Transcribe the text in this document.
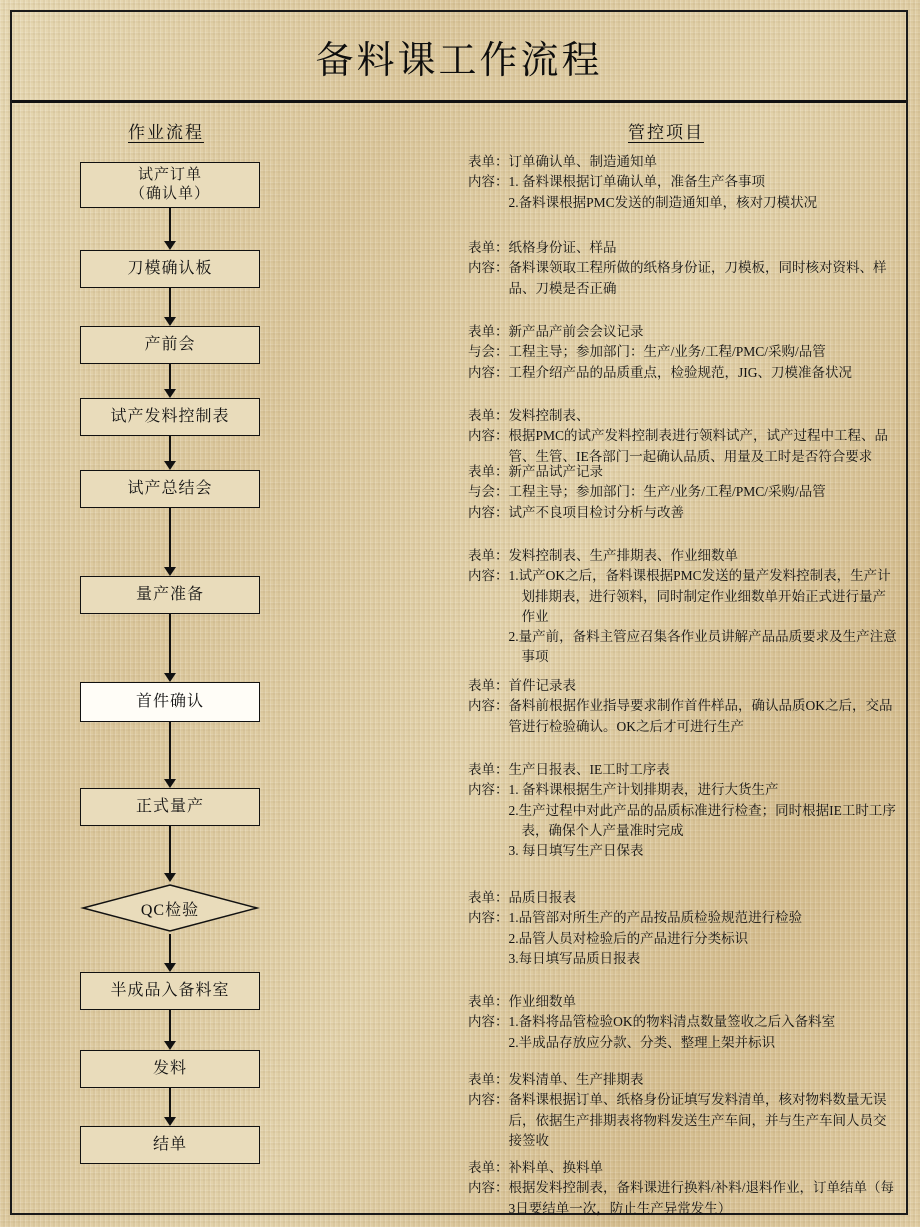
备料课工作流程
作业流程	管控项目
试产订单
（确认单）
刀模确认板
产前会
试产发料控制表
试产总结会
量产准备
首件确认
正式量产
QC检验
半成品入备料室
发料
结单
表单： 订单确认单、制造通知单
内容： 1. 备料课根据订单确认单，准备生产各事项
2.备料课根据PMC发送的制造通知单，核对刀模状况
表单： 纸格身份证、样品
内容： 备料课领取工程所做的纸格身份证，刀模板，同时核对资料、样品、刀模是否正确
表单： 新产品产前会会议记录
与会： 工程主导；参加部门：生产/业务/工程/PMC/采购/品管
内容： 工程介绍产品的品质重点，检验规范，JIG、刀模准备状况
表单： 发料控制表、
内容： 根据PMC的试产发料控制表进行领料试产，试产过程中工程、品管、生管、IE各部门一起确认品质、用量及工时是否符合要求
表单： 新产品试产记录
与会： 工程主导；参加部门：生产/业务/工程/PMC/采购/品管
内容： 试产不良项目检讨分析与改善
表单： 发料控制表、生产排期表、作业细数单
内容： 1.试产OK之后，备料课根据PMC发送的量产发料控制表，生产计划排期表，进行领料，同时制定作业细数单开始正式进行量产作业
2.量产前，备料主管应召集各作业员讲解产品品质要求及生产注意事项
表单： 首件记录表
内容： 备料前根据作业指导要求制作首件样品，确认品质OK之后，交品管进行检验确认。OK之后才可进行生产
表单： 生产日报表、IE工时工序表
内容： 1. 备料课根据生产计划排期表，进行大货生产
2.生产过程中对此产品的品质标准进行检查；同时根据IE工时工序表，确保个人产量准时完成
3. 每日填写生产日保表
表单： 品质日报表
内容： 1.品管部对所生产的产品按品质检验规范进行检验
2.品管人员对检验后的产品进行分类标识
3.每日填写品质日报表
表单： 作业细数单
内容： 1.备料将品管检验OK的物料清点数量签收之后入备料室
2.半成品存放应分款、分类、整理上架并标识
表单： 发料清单、生产排期表
内容： 备料课根据订单、纸格身份证填写发料清单，核对物料数量无误后，依据生产排期表将物料发送生产车间，并与生产车间人员交接签收
表单： 补料单、换料单
内容： 根据发料控制表，备料课进行换料/补料/退料作业，订单结单（每3日要结单一次，防止生产异常发生）
